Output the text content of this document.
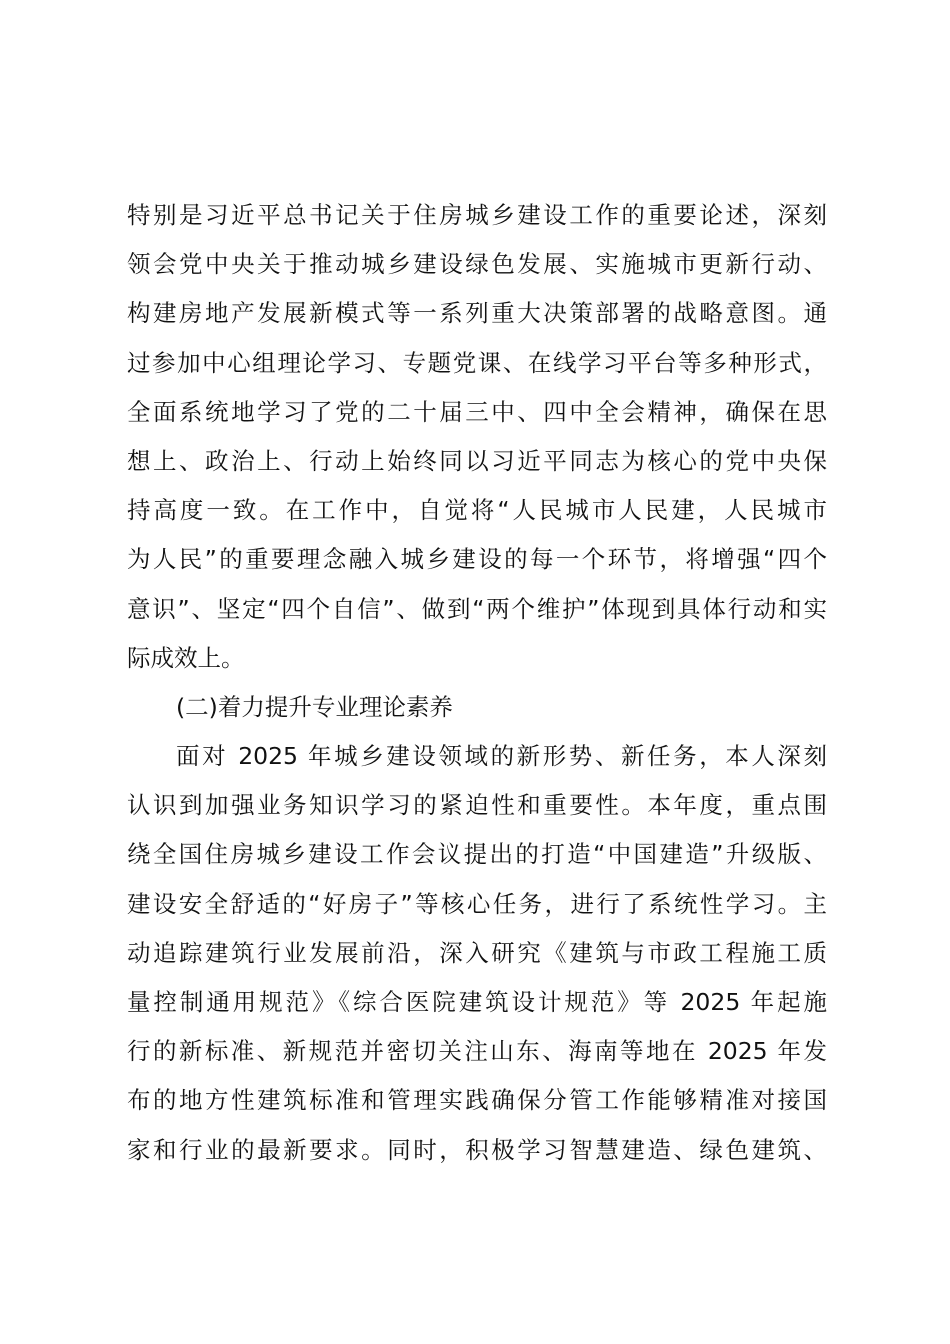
特别是习近平总书记关于住房城乡建设工作的重要论述，深刻
领会党中央关于推动城乡建设绿色发展、实施城市更新行动、
构建房地产发展新模式等一系列重大决策部署的战略意图。通
过参加中心组理论学习、专题党课、在线学习平台等多种形式，
全面系统地学习了党的二十届三中、四中全会精神，确保在思
想上、政治上、行动上始终同以习近平同志为核心的党中央保
持高度一致。在工作中，自觉将“人民城市人民建，人民城市
为人民”的重要理念融入城乡建设的每一个环节，将增强“四个
意识”、坚定“四个自信”、做到“两个维护”体现到具体行动和实
际成效上。
(二)着力提升专业理论素养
面对 2025 年城乡建设领域的新形势、新任务，本人深刻
认识到加强业务知识学习的紧迫性和重要性。本年度，重点围
绕全国住房城乡建设工作会议提出的打造“中国建造”升级版、
建设安全舒适的“好房子”等核心任务，进行了系统性学习。主
动追踪建筑行业发展前沿，深入研究《建筑与市政工程施工质
量控制通用规范》《综合医院建筑设计规范》等 2025 年起施
行的新标准、新规范并密切关注山东、海南等地在 2025 年发
布的地方性建筑标准和管理实践确保分管工作能够精准对接国
家和行业的最新要求。同时，积极学习智慧建造、绿色建筑、
